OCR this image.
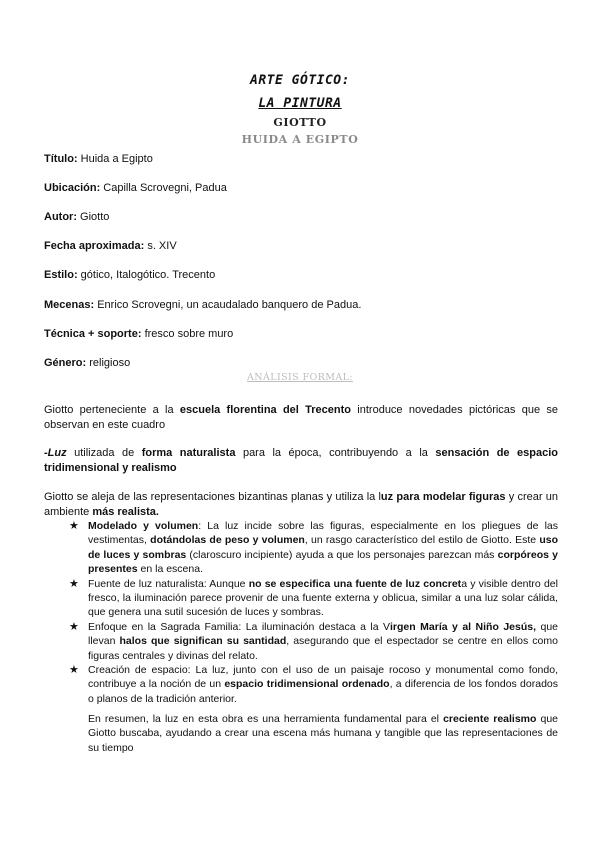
ARTE GÓTICO:
LA PINTURA
GIOTTO
HUIDA A EGIPTO
Título: Huida a Egipto
Ubicación: Capilla Scrovegni, Padua
Autor: Giotto
Fecha aproximada: s. XIV
Estilo: gótico, Italogótico. Trecento
Mecenas: Enrico Scrovegni, un acaudalado banquero de Padua.
Técnica + soporte: fresco sobre muro
Género: religioso
ANÁLISIS FORMAL:
Giotto perteneciente a la escuela florentina del Trecento introduce novedades pictóricas que se observan en este cuadro
-Luz utilizada de forma naturalista para la época, contribuyendo a la sensación de espacio tridimensional y realismo
Giotto se aleja de las representaciones bizantinas planas y utiliza la luz para modelar figuras y crear un ambiente más realista.
★ Modelado y volumen: La luz incide sobre las figuras, especialmente en los pliegues de las vestimentas, dotándolas de peso y volumen, un rasgo característico del estilo de Giotto. Este uso de luces y sombras (claroscuro incipiente) ayuda a que los personajes parezcan más corpóreos y presentes en la escena.
★ Fuente de luz naturalista: Aunque no se especifica una fuente de luz concreta y visible dentro del fresco, la iluminación parece provenir de una fuente externa y oblicua, similar a una luz solar cálida, que genera una sutil sucesión de luces y sombras.
★ Enfoque en la Sagrada Familia: La iluminación destaca a la Virgen María y al Niño Jesús, que llevan halos que significan su santidad, asegurando que el espectador se centre en ellos como figuras centrales y divinas del relato.
★ Creación de espacio: La luz, junto con el uso de un paisaje rocoso y monumental como fondo, contribuye a la noción de un espacio tridimensional ordenado, a diferencia de los fondos dorados o planos de la tradición anterior.
En resumen, la luz en esta obra es una herramienta fundamental para el creciente realismo que Giotto buscaba, ayudando a crear una escena más humana y tangible que las representaciones de su tiempo
